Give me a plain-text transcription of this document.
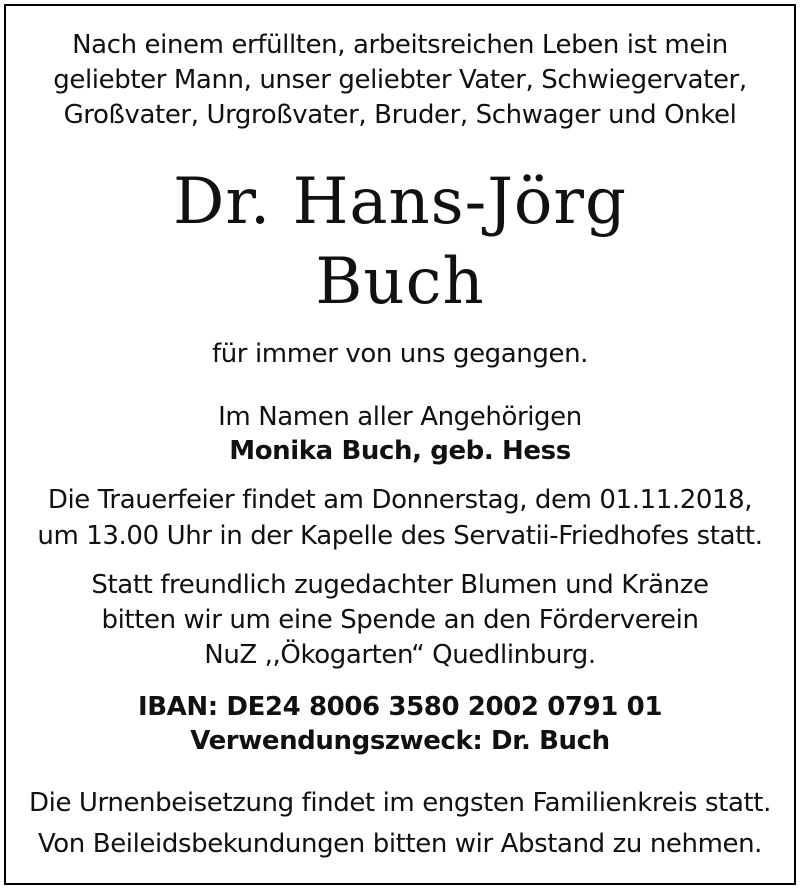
Nach einem erfüllten, arbeitsreichen Leben ist mein
geliebter Mann, unser geliebter Vater, Schwiegervater,
Großvater, Urgroßvater, Bruder, Schwager und Onkel
Dr. Hans-Jörg
Buch
für immer von uns gegangen.
Im Namen aller Angehörigen
Monika Buch, geb. Hess
Die Trauerfeier findet am Donnerstag, dem 01.11.2018,
um 13.00 Uhr in der Kapelle des Servatii-Friedhofes statt.
Statt freundlich zugedachter Blumen und Kränze
bitten wir um eine Spende an den Förderverein
NuZ ,,Ökogarten“ Quedlinburg.
IBAN: DE24 8006 3580 2002 0791 01
Verwendungszweck: Dr. Buch
Die Urnenbeisetzung findet im engsten Familienkreis statt.
Von Beileidsbekundungen bitten wir Abstand zu nehmen.
